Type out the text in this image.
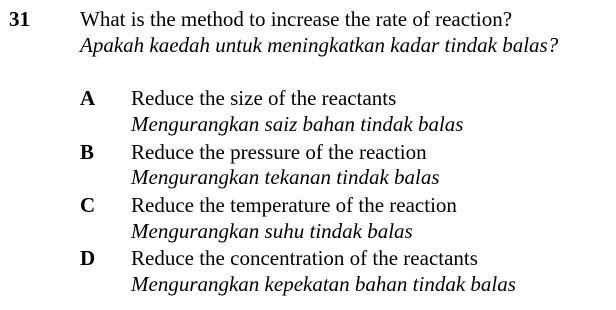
31 What is the method to increase the rate of reaction?
Apakah kaedah untuk meningkatkan kadar tindak balas?
A Reduce the size of the reactants
Mengurangkan saiz bahan tindak balas
B Reduce the pressure of the reaction
Mengurangkan tekanan tindak balas
C Reduce the temperature of the reaction
Mengurangkan suhu tindak balas
D Reduce the concentration of the reactants
Mengurangkan kepekatan bahan tindak balas
